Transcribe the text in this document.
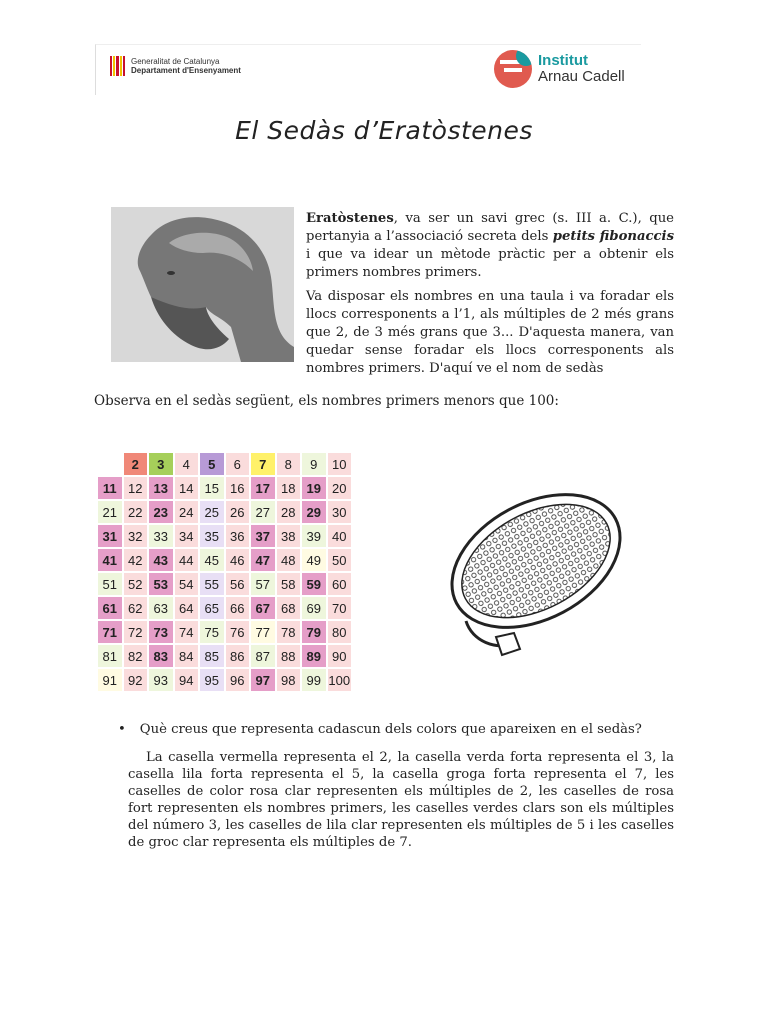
Generalitat de Catalunya
Departament d'Ensenyament
Institut
Arnau Cadell
El Sedàs d’Eratòstenes

Eratòstenes, va ser un savi grec (s. III a. C.), que pertanyia a l’associació secreta dels petits fibonaccis i que va idear un mètode pràctic per a obtenir els primers nombres primers.

Va disposar els nombres en una taula i va foradar els llocs corresponents a l’1, als múltiples de 2 més grans que 2, de 3 més grans que 3... D'aquesta manera, van quedar sense foradar els llocs corresponents als nombres primers. D'aquí ve el nom de sedàs

Observa en el sedàs següent, els nombres primers menors que 100:
	2	3	4	5	6	7	8	9	10
11	12	13	14	15	16	17	18	19	20
21	22	23	24	25	26	27	28	29	30
31	32	33	34	35	36	37	38	39	40
41	42	43	44	45	46	47	48	49	50
51	52	53	54	55	56	57	58	59	60
61	62	63	64	65	66	67	68	69	70
71	72	73	74	75	76	77	78	79	80
81	82	83	84	85	86	87	88	89	90
91	92	93	94	95	96	97	98	99	100
• Què creus que representa cadascun dels colors que apareixen en el sedàs?
La casella vermella representa el 2, la casella verda forta representa el 3, la casella lila forta representa el 5, la casella groga forta representa el 7, les caselles de color rosa clar representen els múltiples de 2, les caselles de rosa fort representen els nombres primers, les caselles verdes clars son els múltiples del número 3, les caselles de lila clar representen els múltiples de 5 i les caselles de groc clar representa els múltiples de 7.
